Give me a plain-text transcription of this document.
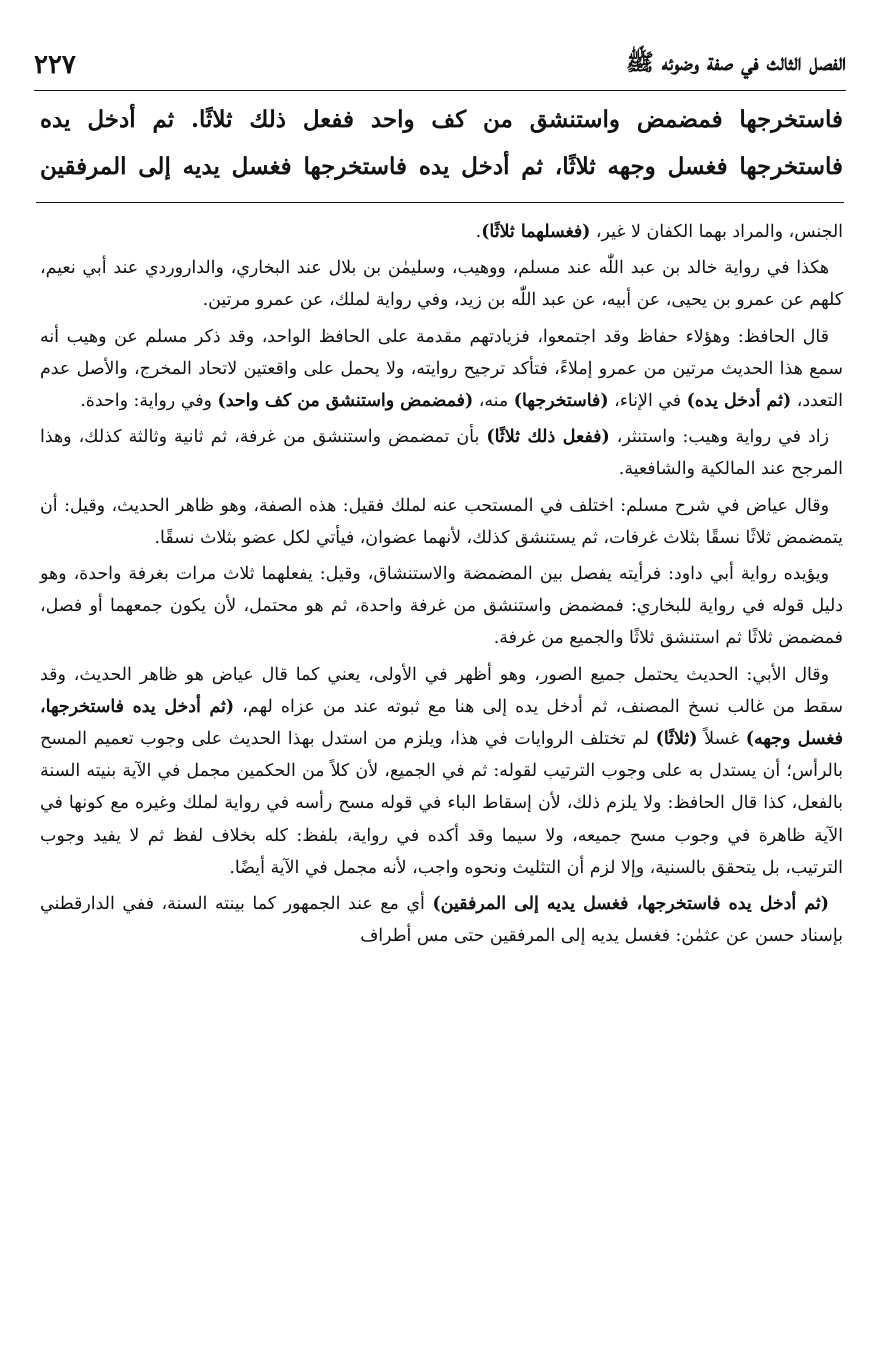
الفصل الثالث في صفة وضوئه ﷺ
٢٢٧

فاستخرجها فمضمض واستنشق من كف واحد ففعل ذلك ثلاثًا. ثم أدخل يده

فاستخرجها فغسل وجهه ثلاثًا، ثم أدخل يده فاستخرجها فغسل يديه إلى المرفقين

الجنس، والمراد بهما الكفان لا غير، (فغسلهما ثلاثًا).

هكذا في رواية خالد بن عبد اللّٰه عند مسلم، ووهيب، وسليمٰن بن بلال عند البخاري، والداروردي عند أبي نعيم، كلهم عن عمرو بن يحيى، عن أبيه، عن عبد اللّٰه بن زيد، وفي رواية لملك، عن عمرو مرتين.

قال الحافظ: وهؤلاء حفاظ وقد اجتمعوا، فزيادتهم مقدمة على الحافظ الواحد، وقد ذكر مسلم عن وهيب أنه سمع هذا الحديث مرتين من عمرو إملاءً، فتأكد ترجيح روايته، ولا يحمل على واقعتين لاتحاد المخرج، والأصل عدم التعدد، (ثم أدخل يده) في الإناء، (فاستخرجها) منه، (فمضمض واستنشق من كف واحد) وفي رواية: واحدة.

زاد في رواية وهيب: واستنثر، (ففعل ذلك ثلاثًا) بأن تمضمض واستنشق من غرفة، ثم ثانية وثالثة كذلك، وهذا المرجح عند المالكية والشافعية.

وقال عياض في شرح مسلم: اختلف في المستحب عنه لملك فقيل: هذه الصفة، وهو ظاهر الحديث، وقيل: أن يتمضمض ثلاثًا نسقًا بثلاث غرفات، ثم يستنشق كذلك، لأنهما عضوان، فيأتي لكل عضو بثلاث نسقًا.

ويؤيده رواية أبي داود: فرأيته يفصل بين المضمضة والاستنشاق، وقيل: يفعلهما ثلاث مرات بغرفة واحدة، وهو دليل قوله في رواية للبخاري: فمضمض واستنشق من غرفة واحدة، ثم هو محتمل، لأن يكون جمعهما أو فصل، فمضمض ثلاثًا ثم استنشق ثلاثًا والجميع من غرفة.

وقال الأبي: الحديث يحتمل جميع الصور، وهو أظهر في الأولى، يعني كما قال عياض هو ظاهر الحديث، وقد سقط من غالب نسخ المصنف، ثم أدخل يده إلى هنا مع ثبوته عند من عزاه لهم، (ثم أدخل يده فاستخرجها، فغسل وجهه) غسلاً (ثلاثًا) لم تختلف الروايات في هذا، ويلزم من استدل بهذا الحديث على وجوب تعميم المسح بالرأس؛ أن يستدل به على وجوب الترتيب لقوله: ثم في الجميع، لأن كلاً من الحكمين مجمل في الآية بنيته السنة بالفعل، كذا قال الحافظ: ولا يلزم ذلك، لأن إسقاط الباء في قوله مسح رأسه في رواية لملك وغيره مع كونها في الآية ظاهرة في وجوب مسح جميعه، ولا سيما وقد أكده في رواية، بلفظ: كله بخلاف لفظ ثم لا يفيد وجوب الترتيب، بل يتحقق بالسنية، وإلا لزم أن التثليث ونحوه واجب، لأنه مجمل في الآية أيضًا.

(ثم أدخل يده فاستخرجها، فغسل يديه إلى المرفقين) أي مع عند الجمهور كما بينته السنة، ففي الدارقطني بإسناد حسن عن عثمٰن: فغسل يديه إلى المرفقين حتى مس أطراف
